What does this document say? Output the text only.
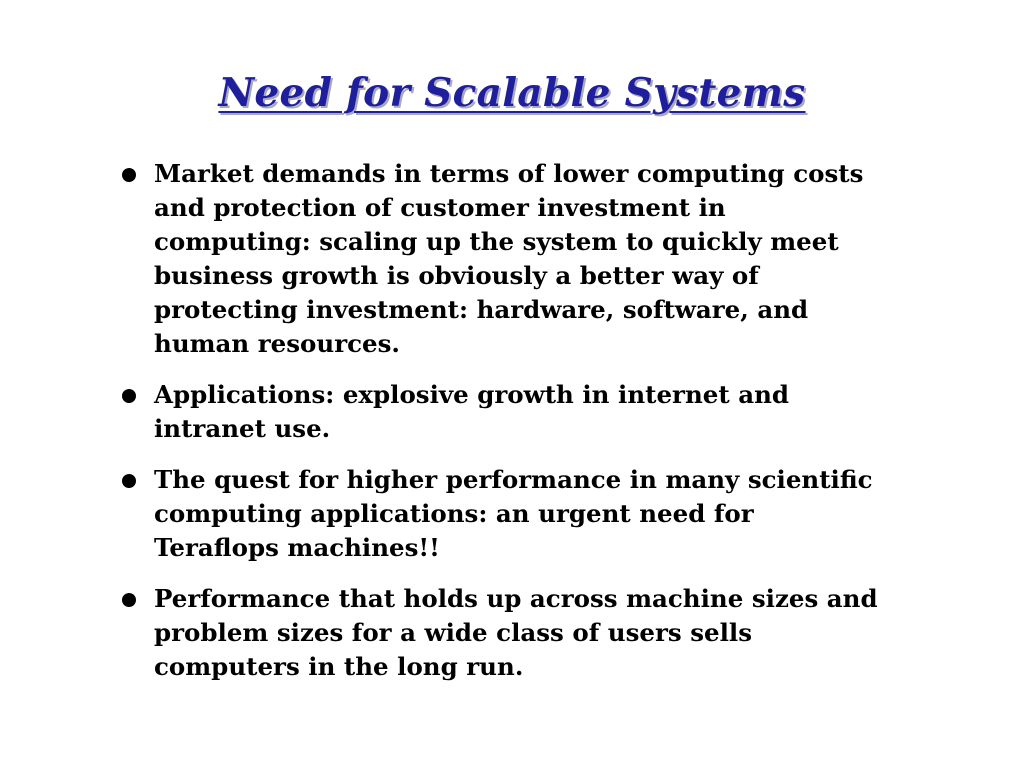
Need for Scalable Systems
Market demands in terms of lower computing costs
and protection of customer investment in
computing: scaling up the system to quickly meet
business growth is obviously a better way of
protecting investment: hardware, software, and
human resources.
Applications: explosive growth in internet and
intranet use.
The quest for higher performance in many scientific
computing applications: an urgent need for
Teraflops machines!!
Performance that holds up across machine sizes and
problem sizes for a wide class of users sells
computers in the long run.
